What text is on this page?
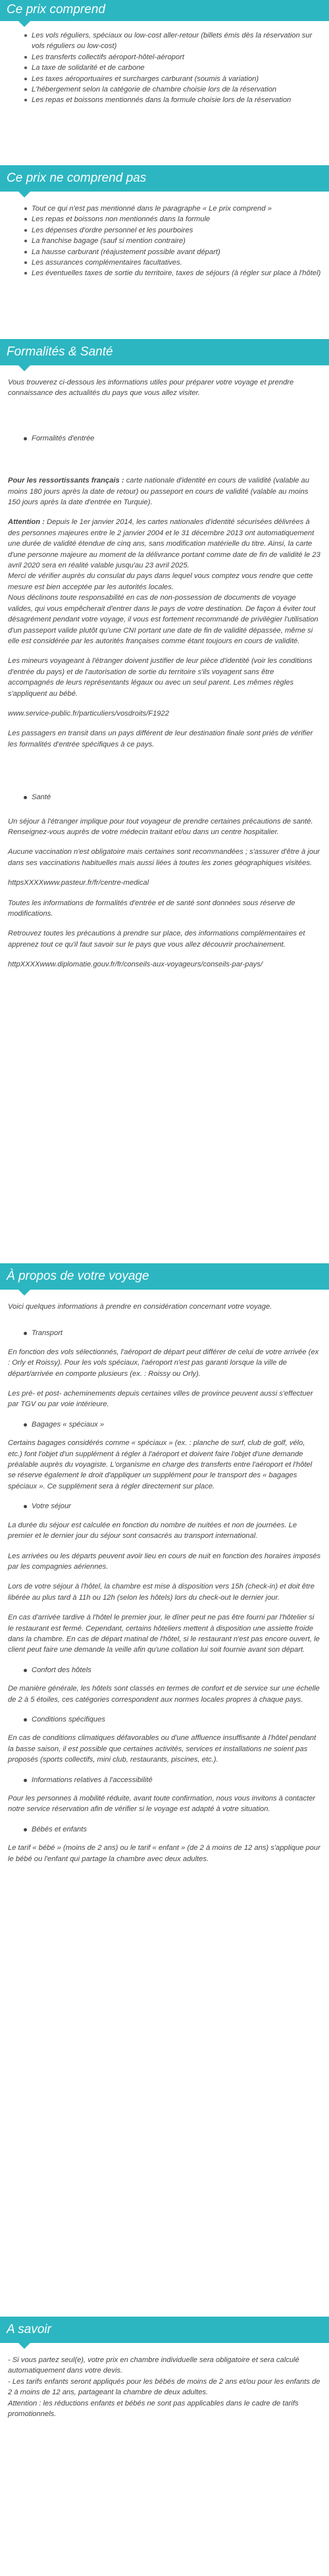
Ce prix comprend
Les vols réguliers, spéciaux ou low-cost aller-retour (billets émis dès la réservation sur vols réguliers ou low-cost)
Les transferts collectifs aéroport-hôtel-aéroport
La taxe de solidarité et de carbone
Les taxes aéroportuaires et surcharges carburant (soumis à variation)
L'hébergement selon la catégorie de chambre choisie lors de la réservation
Les repas et boissons mentionnés dans la formule choisie lors de la réservation
Ce prix ne comprend pas
Tout ce qui n'est pas mentionné dans le paragraphe « Le prix comprend »
Les repas et boissons non mentionnés dans la formule
Les dépenses d'ordre personnel et les pourboires
La franchise bagage (sauf si mention contraire)
La hausse carburant (réajustement possible avant départ)
Les assurances complémentaires facultatives.
Les éventuelles taxes de sortie du territoire, taxes de séjours (à régler sur place à l'hôtel)
Formalités & Santé

Vous trouverez ci-dessous les informations utiles pour préparer votre voyage et prendre connaissance des actualités du pays que vous allez visiter.

Formalités d'entrée

Pour les ressortissants français : carte nationale d'identité en cours de validité (valable au moins 180 jours après la date de retour) ou passeport en cours de validité (valable au moins 150 jours après la date d'entrée en Turquie).

Attention : Depuis le 1er janvier 2014, les cartes nationales d'identité sécurisées délivrées à des personnes majeures entre le 2 janvier 2004 et le 31 décembre 2013 ont automatiquement une durée de validité étendue de cinq ans, sans modification matérielle du titre. Ainsi, la carte d'une personne majeure au moment de la délivrance portant comme date de fin de validité le 23 avril 2020 sera en réalité valable jusqu'au 23 avril 2025.

Merci de vérifier auprès du consulat du pays dans lequel vous comptez vous rendre que cette mesure est bien acceptée par les autorités locales.

Nous déclinons toute responsabilité en cas de non-possession de documents de voyage valides, qui vous empêcherait d'entrer dans le pays de votre destination. De façon à éviter tout désagrément pendant votre voyage, il vous est fortement recommandé de privilégier l'utilisation d'un passeport valide plutôt qu'une CNI portant une date de fin de validité dépassée, même si elle est considérée par les autorités françaises comme étant toujours en cours de validité.

Les mineurs voyageant à l'étranger doivent justifier de leur pièce d'identité (voir les conditions d'entrée du pays) et de l'autorisation de sortie du territoire s'ils voyagent sans être accompagnés de leurs représentants légaux ou avec un seul parent. Les mêmes règles s'appliquent au bébé.

www.service-public.fr/particuliers/vosdroits/F1922

Les passagers en transit dans un pays différent de leur destination finale sont priés de vérifier les formalités d'entrée spécifiques à ce pays.

Santé

Un séjour à l'étranger implique pour tout voyageur de prendre certaines précautions de santé. Renseignez-vous auprès de votre médecin traitant et/ou dans un centre hospitalier.

Aucune vaccination n'est obligatoire mais certaines sont recommandées ; s'assurer d'être à jour dans ses vaccinations habituelles mais aussi liées à toutes les zones géographiques visitées.

httpsXXXXwww.pasteur.fr/fr/centre-medical

Toutes les informations de formalités d'entrée et de santé sont données sous réserve de modifications.

Retrouvez toutes les précautions à prendre sur place, des informations complémentaires et apprenez tout ce qu'il faut savoir sur le pays que vous allez découvrir prochainement.

httpXXXXwww.diplomatie.gouv.fr/fr/conseils-aux-voyageurs/conseils-par-pays/

À propos de votre voyage

Voici quelques informations à prendre en considération concernant votre voyage.

Transport

En fonction des vols sélectionnés, l'aéroport de départ peut différer de celui de votre arrivée (ex : Orly et Roissy). Pour les vols spéciaux, l'aéroport n'est pas garanti lorsque la ville de départ/arrivée en comporte plusieurs (ex. : Roissy ou Orly).

Les pré- et post- acheminements depuis certaines villes de province peuvent aussi s'effectuer par TGV ou par voie intérieure.

Bagages « spéciaux »

Certains bagages considérés comme « spéciaux » (ex. : planche de surf, club de golf, vélo, etc.) font l'objet d'un supplément à régler à l'aéroport et doivent faire l'objet d'une demande préalable auprès du voyagiste. L'organisme en charge des transferts entre l'aéroport et l'hôtel se réserve également le droit d'appliquer un supplément pour le transport des « bagages spéciaux ». Ce supplément sera à régler directement sur place.

Votre séjour

La durée du séjour est calculée en fonction du nombre de nuitées et non de journées. Le premier et le dernier jour du séjour sont consacrés au transport international.

Les arrivées ou les départs peuvent avoir lieu en cours de nuit en fonction des horaires imposés par les compagnies aériennes.

Lors de votre séjour à l'hôtel, la chambre est mise à disposition vers 15h (check-in) et doit être libérée au plus tard à 11h ou 12h (selon les hôtels) lors du check-out le dernier jour.

En cas d'arrivée tardive à l'hôtel le premier jour, le dîner peut ne pas être fourni par l'hôtelier si le restaurant est fermé. Cependant, certains hôteliers mettent à disposition une assiette froide dans la chambre. En cas de départ matinal de l'hôtel, si le restaurant n'est pas encore ouvert, le client peut faire une demande la veille afin qu'une collation lui soit fournie avant son départ.

Confort des hôtels

De manière générale, les hôtels sont classés en termes de confort et de service sur une échelle de 2 à 5 étoiles, ces catégories correspondent aux normes locales propres à chaque pays.

Conditions spécifiques

En cas de conditions climatiques défavorables ou d'une affluence insuffisante à l'hôtel pendant la basse saison, il est possible que certaines activités, services et installations ne soient pas proposés (sports collectifs, mini club, restaurants, piscines, etc.).

Informations relatives à l'accessibilité

Pour les personnes à mobilité réduite, avant toute confirmation, nous vous invitons à contacter notre service réservation afin de vérifier si le voyage est adapté à votre situation.

Bébés et enfants

Le tarif « bébé » (moins de 2 ans) ou le tarif « enfant » (de 2 à moins de 12 ans) s'applique pour le bébé ou l'enfant qui partage la chambre avec deux adultes.

A savoir
- Si vous partez seul(e), votre prix en chambre individuelle sera obligatoire et sera calculé automatiquement dans votre devis.
- Les tarifs enfants seront appliqués pour les bébés de moins de 2 ans et/ou pour les enfants de 2 à moins de 12 ans, partageant la chambre de deux adultes.
Attention : les réductions enfants et bébés ne sont pas applicables dans le cadre de tarifs promotionnels.
